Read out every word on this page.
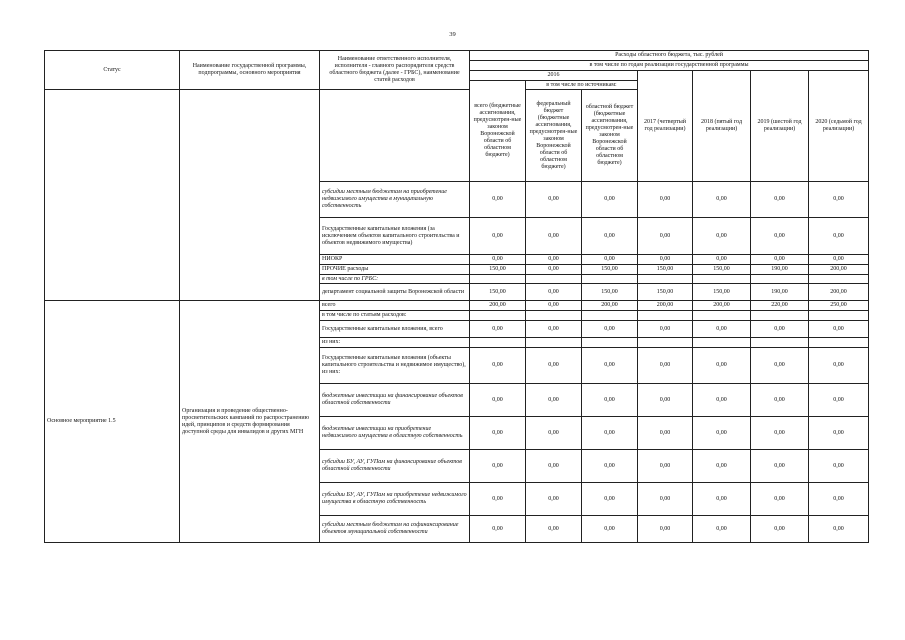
39
Статус	Наименование государственной программы, подпрограммы, основного мероприятия	Наименование ответственного исполнителя, исполнителя - главного распорядителя средств областного бюджета (далее - ГРБС), наименование статей расходов	Расходы областного бюджета, тыс. рублей						
			в том числе по годам реализации государственной программы						
			2016			2017 (четвертый год реализации)	2018 (пятый год реализации)	2019 (шестой год реализации)	2020 (седьмой год реализации)
			всего (бюджетные ассигнования, предусмотрен-ные законом Воронежской области об областном бюджете)	в том числе по источникам:					
				федеральный бюджет (бюджетные ассигнования, предусмотрен-ные законом Воронежской области об областном бюджете)	областной бюджет (бюджетные ассигнования, предусмотрен-ные законом Воронежской области об областном бюджете)				
		субсидии местным бюджетам на приобретение недвижимого имущества в муниципальную собственность	0,00	0,00	0,00	0,00	0,00	0,00	0,00
		Государственные капитальные вложения (за исключением объектов капитального строительства и объектов недвижимого имущества)	0,00	0,00	0,00	0,00	0,00	0,00	0,00
		НИОКР	0,00	0,00	0,00	0,00	0,00	0,00	0,00
		ПРОЧИЕ расходы	150,00	0,00	150,00	150,00	150,00	190,00	200,00
		в том числе по ГРБС:							
		департамент социальной защиты Воронежской области	150,00	0,00	150,00	150,00	150,00	190,00	200,00
Основное мероприятие 1.5	Организация и проведение общественно-просветительских кампаний по распространению идей, принципов и средств формирования доступной среды для инвалидов и других МГН	всего	200,00	0,00	200,00	200,00	200,00	220,00	250,00
		в том числе по статьям расходов:							
		Государственные капитальные вложения, всего	0,00	0,00	0,00	0,00	0,00	0,00	0,00
		из них:							
		Государственные капитальные вложения (объекты капитального строительства и недвижимое имущество), из них:	0,00	0,00	0,00	0,00	0,00	0,00	0,00
		бюджетные инвестиции на финансирование объектов областной собственности	0,00	0,00	0,00	0,00	0,00	0,00	0,00
		бюджетные инвестиции на приобретение недвижимого имущества в областную собственность	0,00	0,00	0,00	0,00	0,00	0,00	0,00
		субсидии БУ, АУ, ГУПам на финансирование объектов областной собственности	0,00	0,00	0,00	0,00	0,00	0,00	0,00
		субсидии БУ, АУ, ГУПам на приобретение недвижимого имущества в областную собственность	0,00	0,00	0,00	0,00	0,00	0,00	0,00
		субсидии местным бюджетам на софинансирование объектов муниципальной собственности	0,00	0,00	0,00	0,00	0,00	0,00	0,00
